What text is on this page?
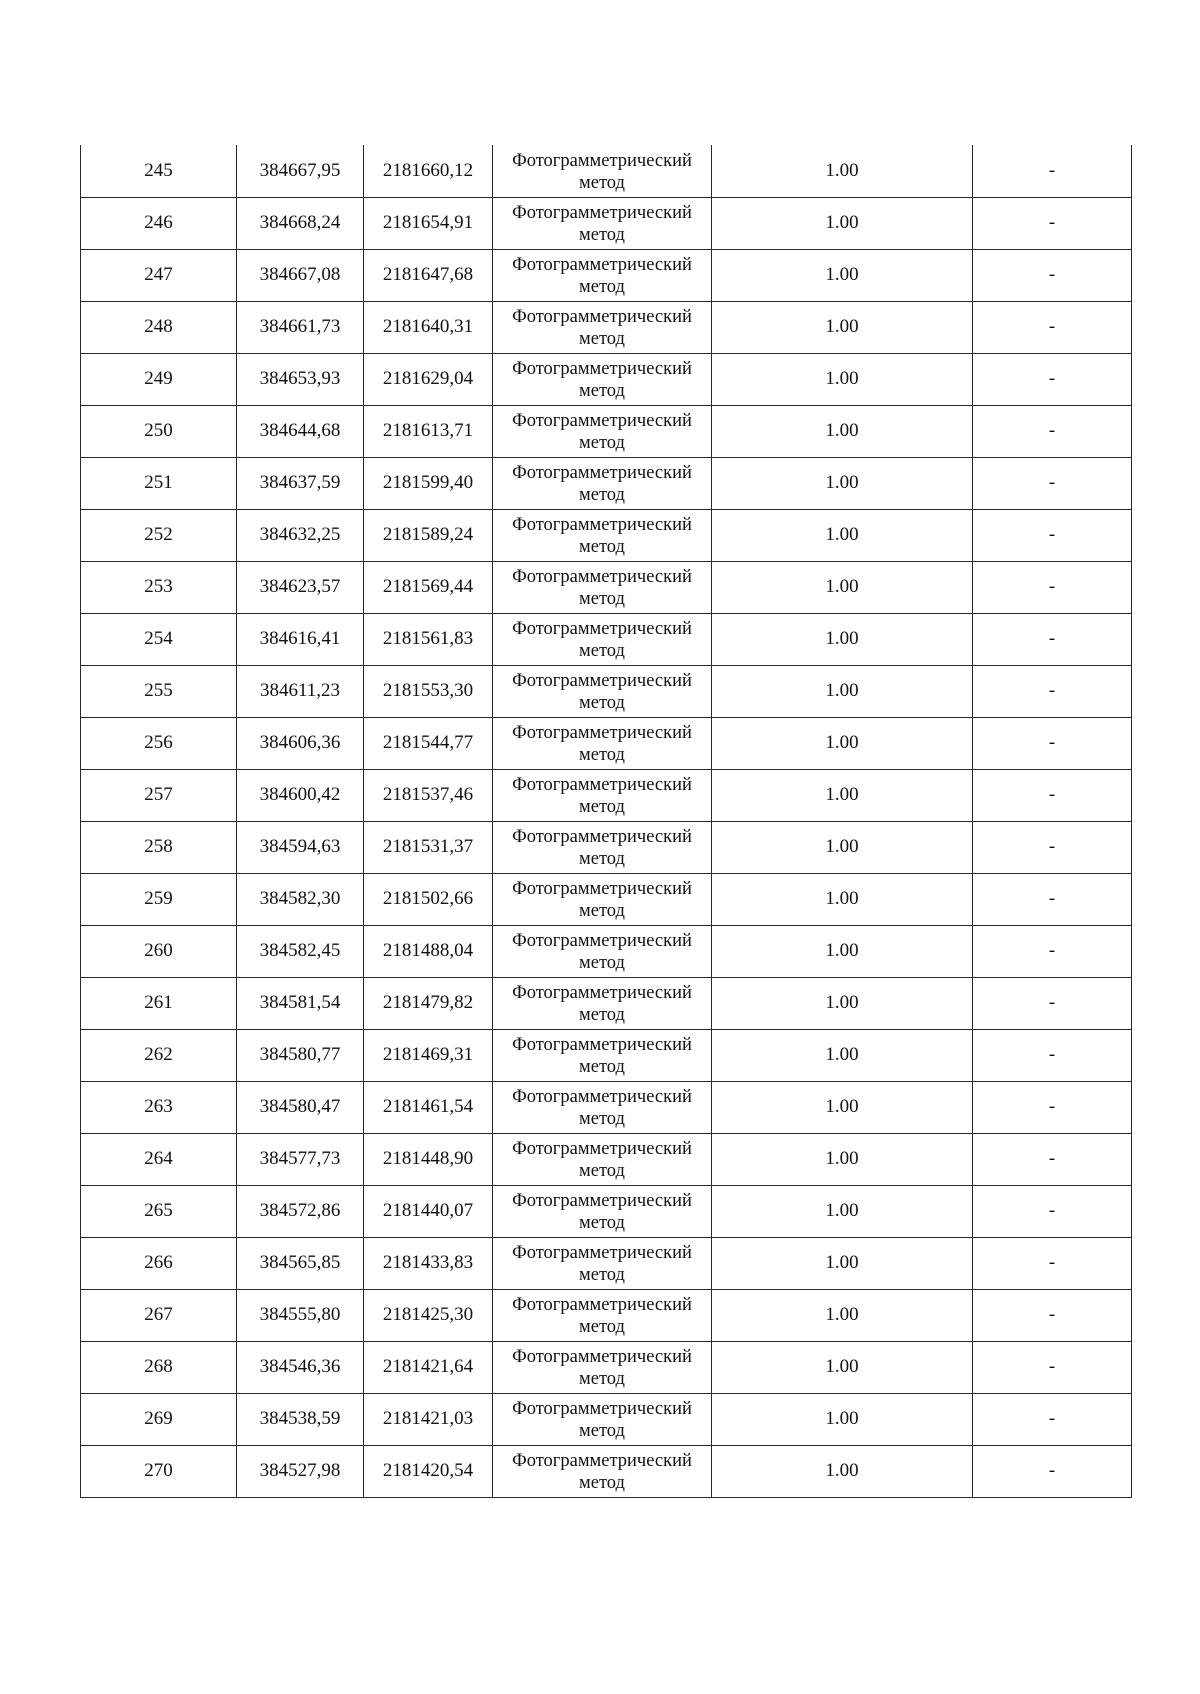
245	384667,95	2181660,12	Фотограмметрический
метод	1.00	-
246	384668,24	2181654,91	Фотограмметрический
метод	1.00	-
247	384667,08	2181647,68	Фотограмметрический
метод	1.00	-
248	384661,73	2181640,31	Фотограмметрический
метод	1.00	-
249	384653,93	2181629,04	Фотограмметрический
метод	1.00	-
250	384644,68	2181613,71	Фотограмметрический
метод	1.00	-
251	384637,59	2181599,40	Фотограмметрический
метод	1.00	-
252	384632,25	2181589,24	Фотограмметрический
метод	1.00	-
253	384623,57	2181569,44	Фотограмметрический
метод	1.00	-
254	384616,41	2181561,83	Фотограмметрический
метод	1.00	-
255	384611,23	2181553,30	Фотограмметрический
метод	1.00	-
256	384606,36	2181544,77	Фотограмметрический
метод	1.00	-
257	384600,42	2181537,46	Фотограмметрический
метод	1.00	-
258	384594,63	2181531,37	Фотограмметрический
метод	1.00	-
259	384582,30	2181502,66	Фотограмметрический
метод	1.00	-
260	384582,45	2181488,04	Фотограмметрический
метод	1.00	-
261	384581,54	2181479,82	Фотограмметрический
метод	1.00	-
262	384580,77	2181469,31	Фотограмметрический
метод	1.00	-
263	384580,47	2181461,54	Фотограмметрический
метод	1.00	-
264	384577,73	2181448,90	Фотограмметрический
метод	1.00	-
265	384572,86	2181440,07	Фотограмметрический
метод	1.00	-
266	384565,85	2181433,83	Фотограмметрический
метод	1.00	-
267	384555,80	2181425,30	Фотограмметрический
метод	1.00	-
268	384546,36	2181421,64	Фотограмметрический
метод	1.00	-
269	384538,59	2181421,03	Фотограмметрический
метод	1.00	-
270	384527,98	2181420,54	Фотограмметрический
метод	1.00	-
